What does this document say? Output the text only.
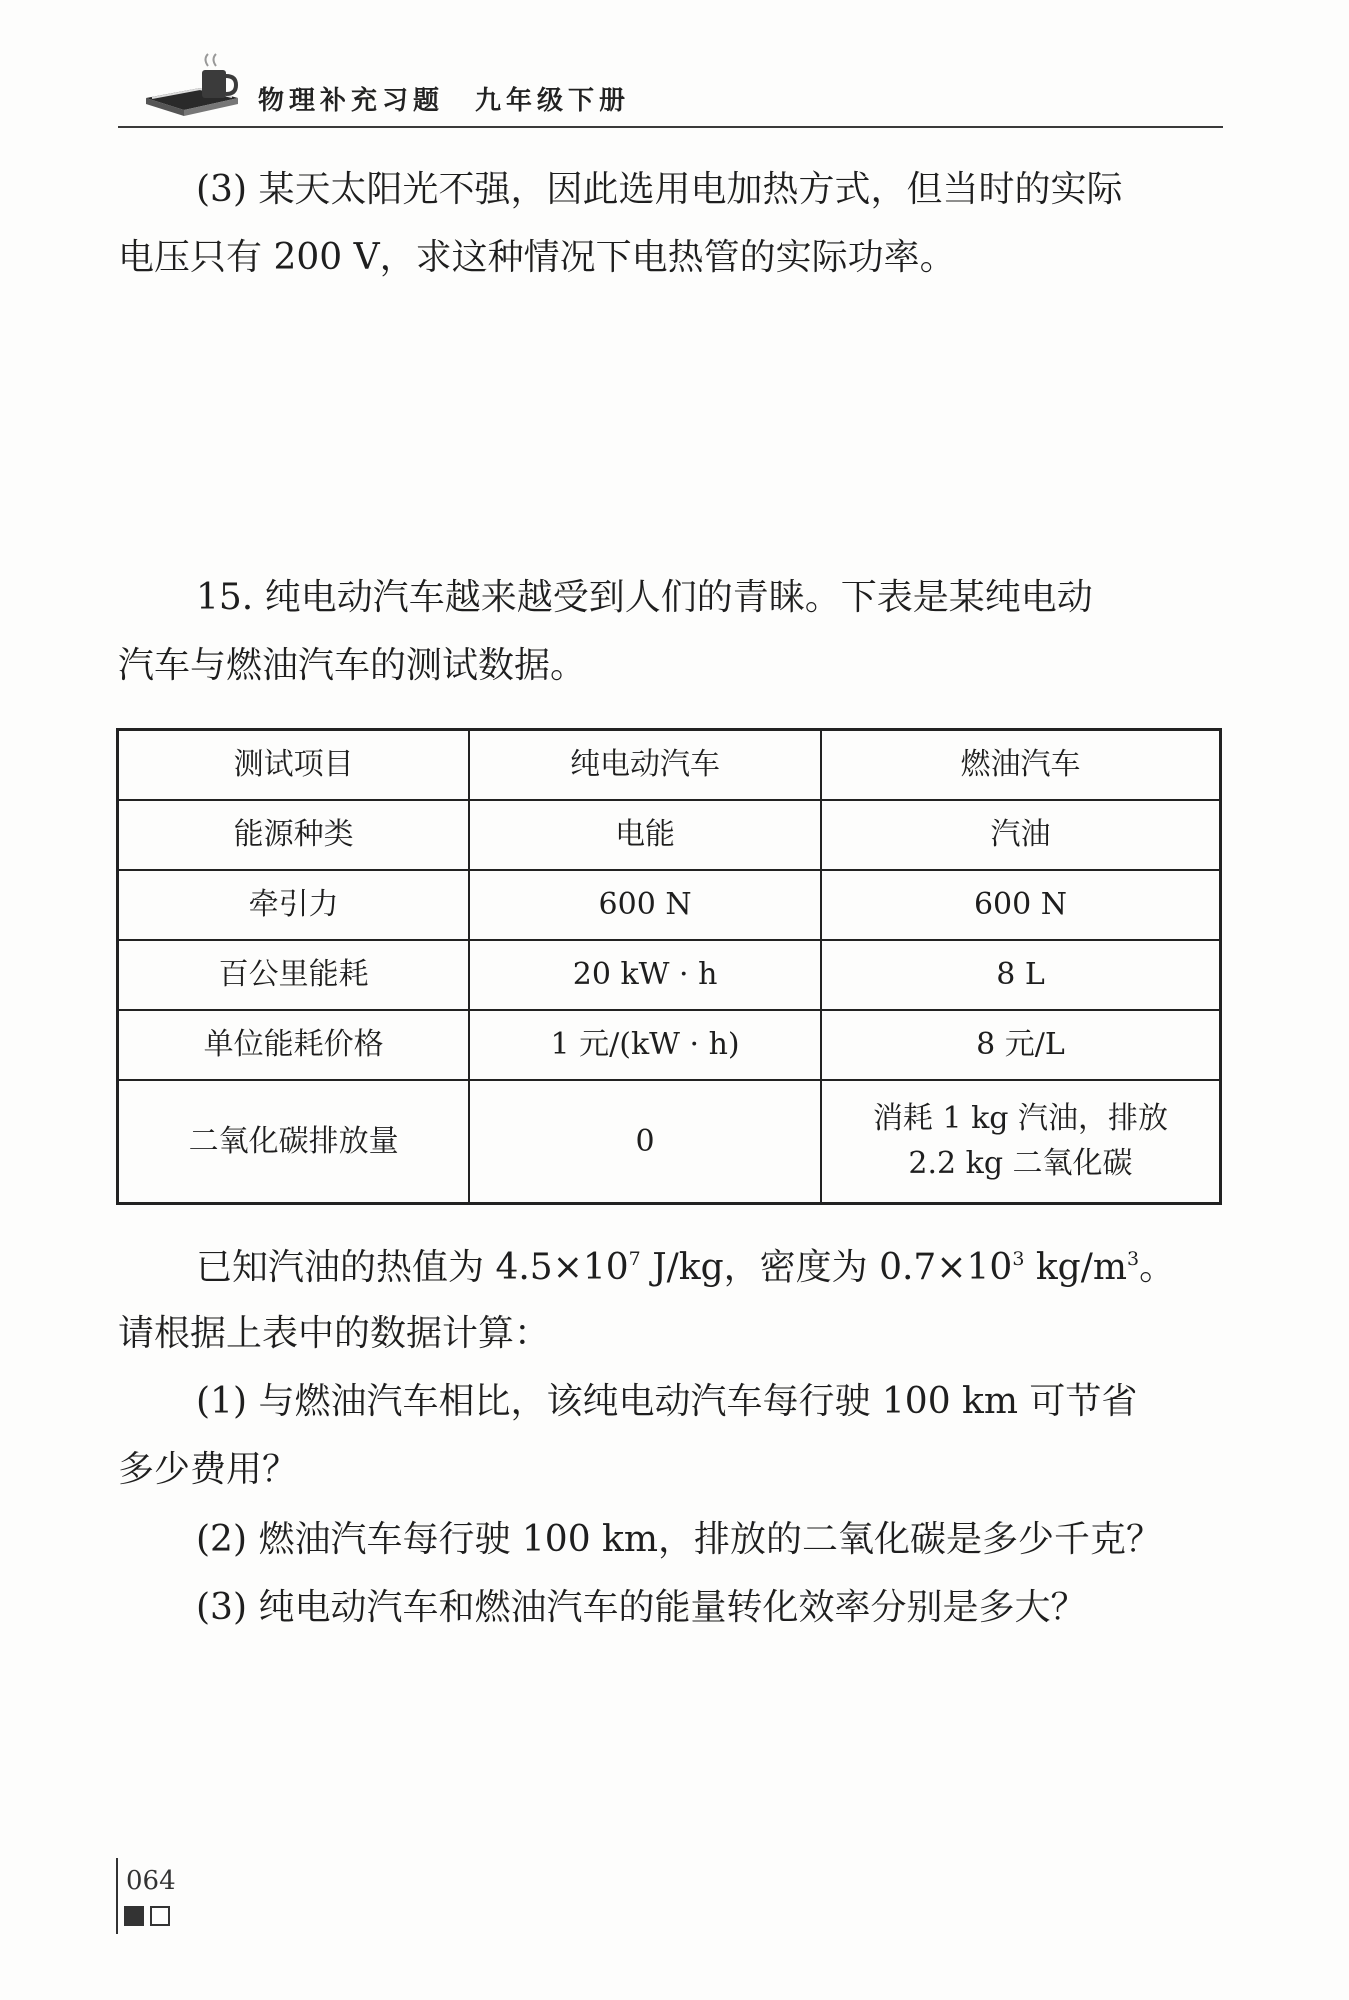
物理补充习题　九年级下册
(3) 某天太阳光不强，因此选用电加热方式，但当时的实际
电压只有 200 V，求这种情况下电热管的实际功率。
15. 纯电动汽车越来越受到人们的青睐。下表是某纯电动
汽车与燃油汽车的测试数据。
测试项目	纯电动汽车	燃油汽车
能源种类	电能	汽油
牵引力	600 N	600 N
百公里能耗	20 kW · h	8 L
单位能耗价格	1 元/(kW · h)	8 元/L
二氧化碳排放量	0	消耗 1 kg 汽油，排放
2.2 kg 二氧化碳
已知汽油的热值为 $4.5\times 10^7$ J/kg，密度为 $0.7\times 10^3$ $kg/m^3$。
请根据上表中的数据计算：
(1) 与燃油汽车相比，该纯电动汽车每行驶 100 km 可节省
多少费用？
(2) 燃油汽车每行驶 100 km，排放的二氧化碳是多少千克？
(3) 纯电动汽车和燃油汽车的能量转化效率分别是多大？
064
